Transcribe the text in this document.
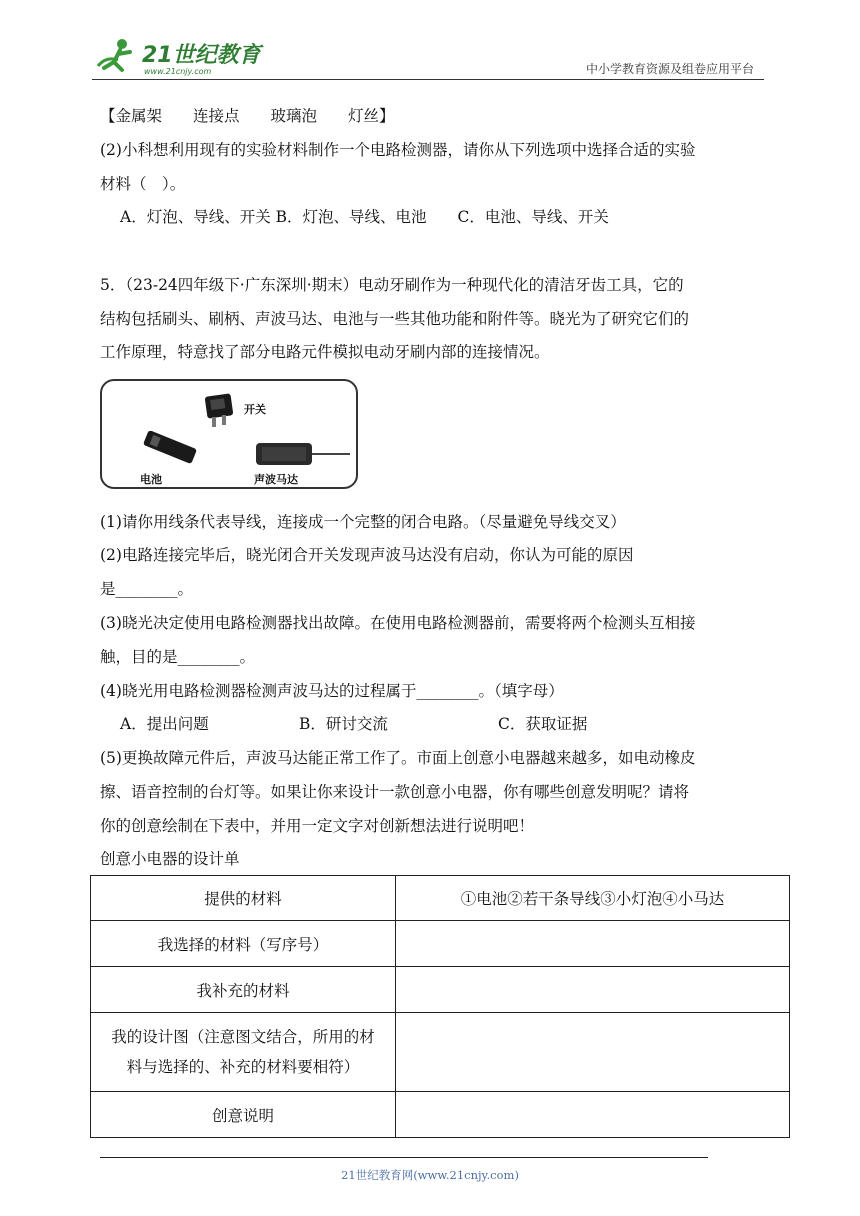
21世纪教育
www.21cnjy.com	中小学教育资源及组卷应用平台
【金属架　　连接点　　玻璃泡　　灯丝】
(2)小科想利用现有的实验材料制作一个电路检测器，请你从下列选项中选择合适的实验
材料（　）。
A．灯泡、导线、开关 B．灯泡、导线、电池　　C．电池、导线、开关
5．（23-24四年级下·广东深圳·期末）电动牙刷作为一种现代化的清洁牙齿工具，它的
结构包括刷头、刷柄、声波马达、电池与一些其他功能和附件等。晓光为了研究它们的
工作原理，特意找了部分电路元件模拟电动牙刷内部的连接情况。
开关
电池	声波马达
(1)请你用线条代表导线，连接成一个完整的闭合电路。（尽量避免导线交叉）
(2)电路连接完毕后，晓光闭合开关发现声波马达没有启动，你认为可能的原因
是________。
(3)晓光决定使用电路检测器找出故障。在使用电路检测器前，需要将两个检测头互相接
触，目的是________。
(4)晓光用电路检测器检测声波马达的过程属于________。（填字母）
A．提出问题	B．研讨交流	C．获取证据
(5)更换故障元件后，声波马达能正常工作了。市面上创意小电器越来越多，如电动橡皮
擦、语音控制的台灯等。如果让你来设计一款创意小电器，你有哪些创意发明呢？请将
你的创意绘制在下表中，并用一定文字对创新想法进行说明吧！
创意小电器的设计单
提供的材料	①电池②若干条导线③小灯泡④小马达
我选择的材料（写序号）	
我补充的材料	

我的设计图（注意图文结合，所用的材
料与选择的、补充的材料要相符）	

创意说明	
21世纪教育网(www.21cnjy.com)
